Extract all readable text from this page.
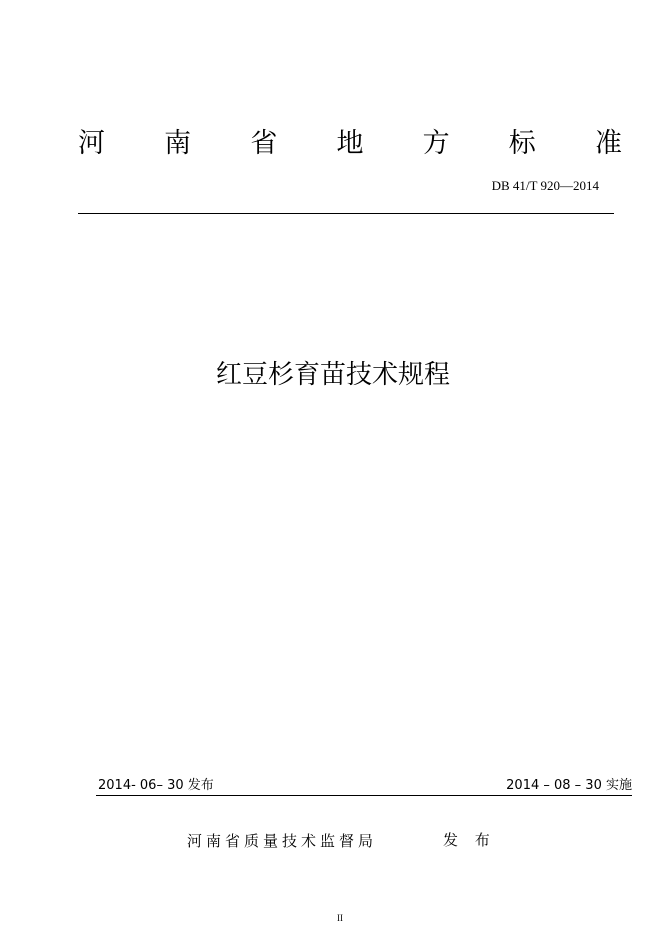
河 南 省 地 方 标 准
DB 41/T 920—2014
红豆杉育苗技术规程
2014- 06– 30 发布	2014 – 08 – 30 实施
河南省质量技术监督局	发 布
II
